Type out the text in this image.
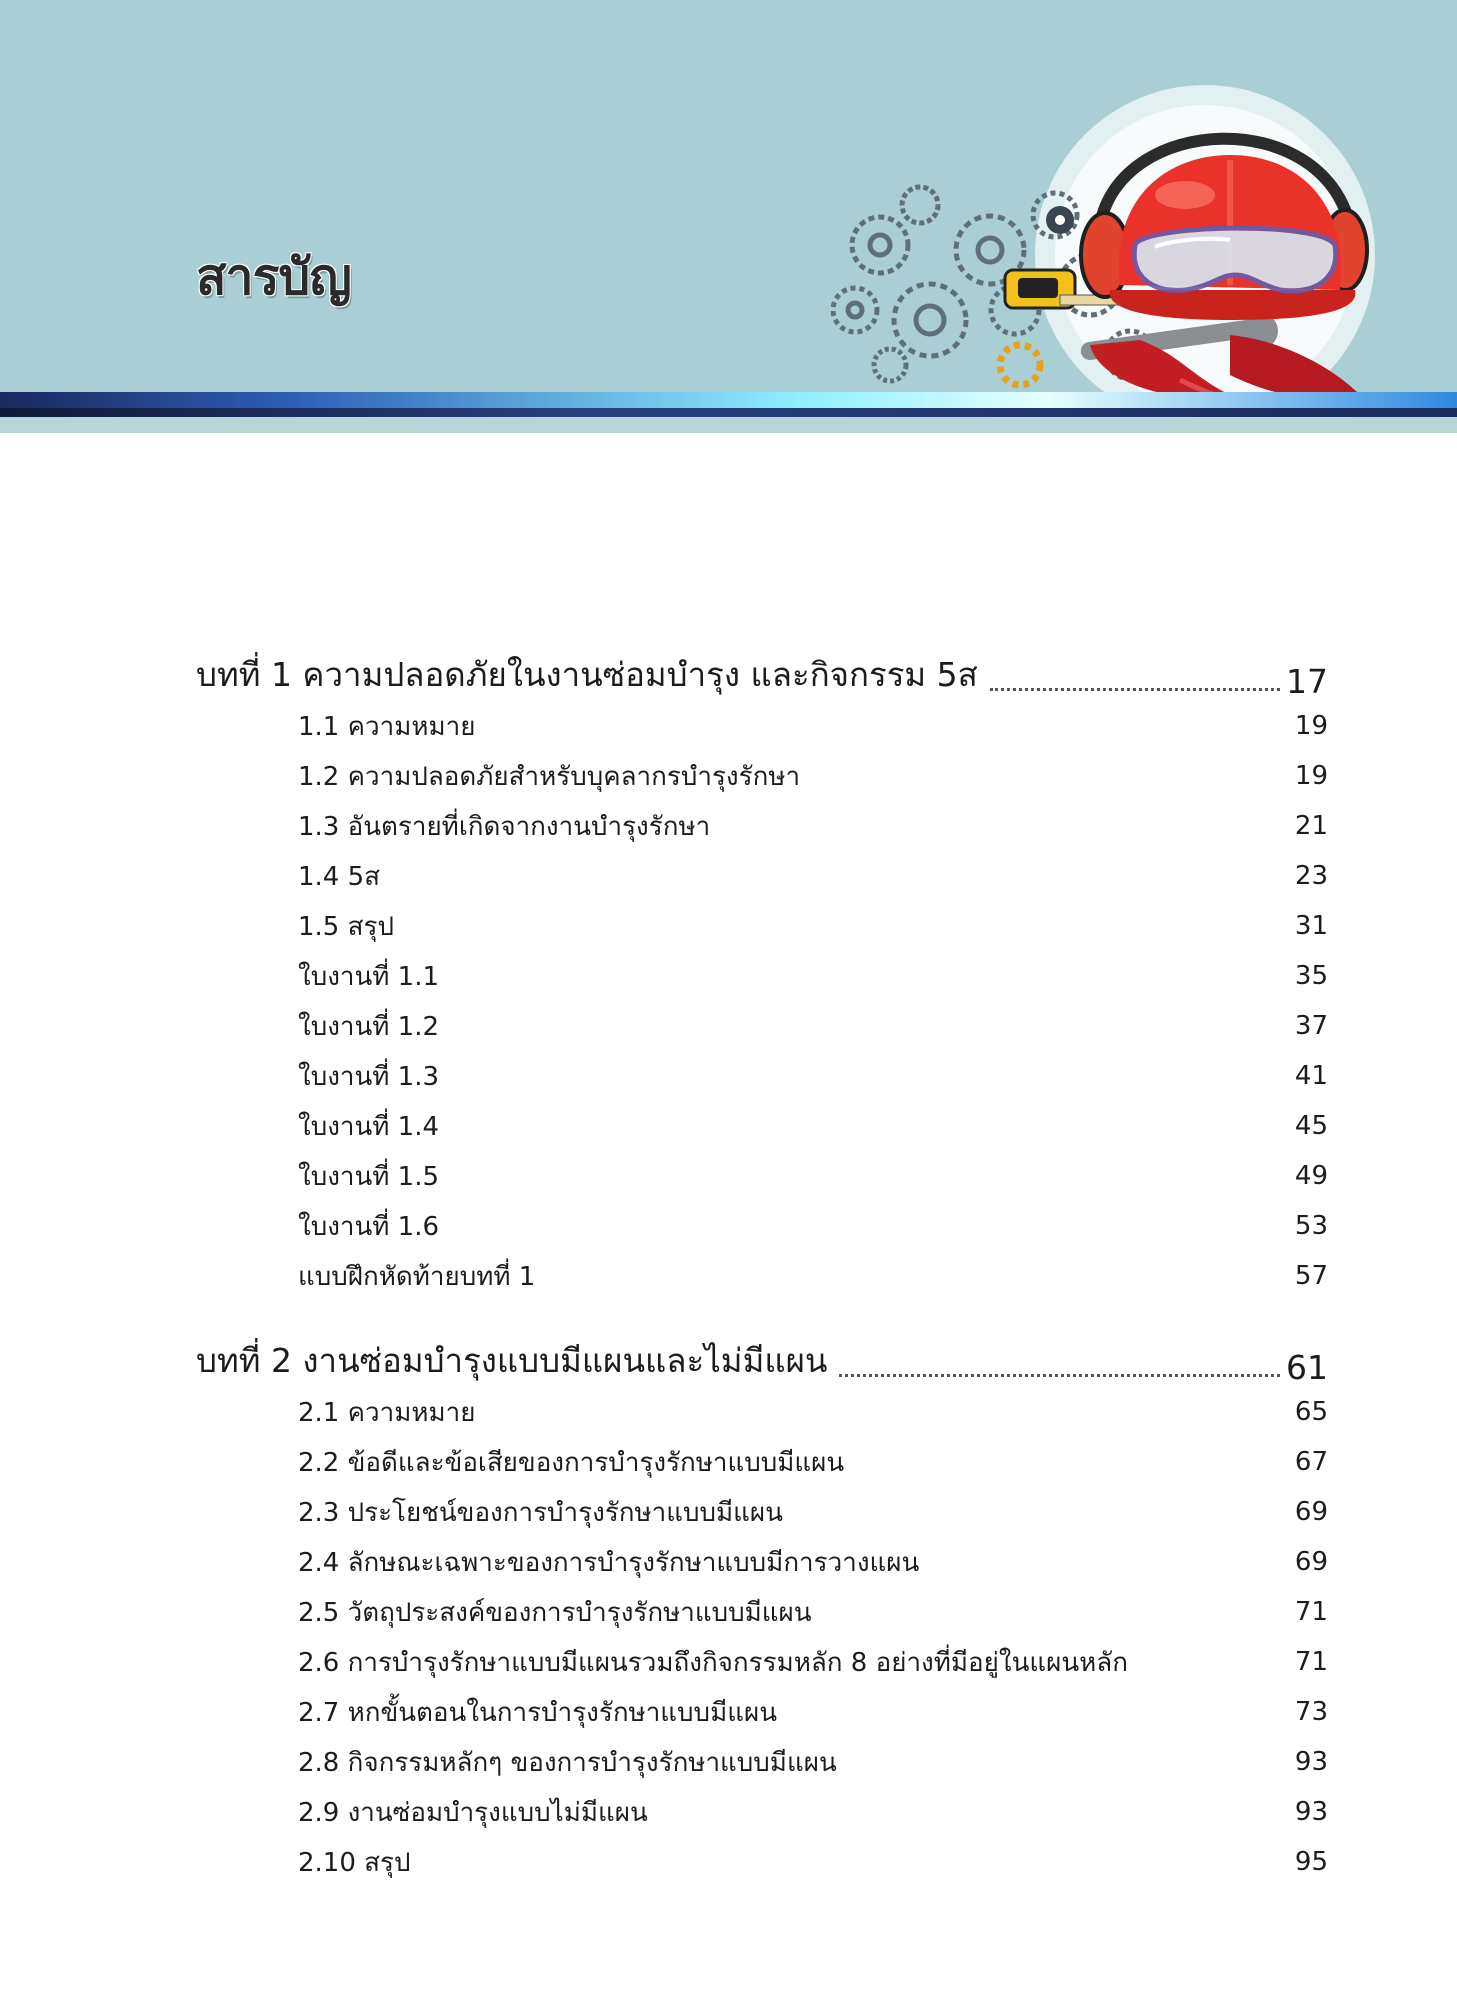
สารบัญ
บทที่ 1 ความปลอดภัยในงานซ่อมบำรุง และกิจกรรม 5ส	17
1.1 ความหมาย	19
1.2 ความปลอดภัยสำหรับบุคลากรบำรุงรักษา	19
1.3 อันตรายที่เกิดจากงานบำรุงรักษา	21
1.4 5ส	23
1.5 สรุป	31
ใบงานที่ 1.1	35
ใบงานที่ 1.2	37
ใบงานที่ 1.3	41
ใบงานที่ 1.4	45
ใบงานที่ 1.5	49
ใบงานที่ 1.6	53
แบบฝึกหัดท้ายบทที่ 1	57
บทที่ 2 งานซ่อมบำรุงแบบมีแผนและไม่มีแผน	61
2.1 ความหมาย	65
2.2 ข้อดีและข้อเสียของการบำรุงรักษาแบบมีแผน	67
2.3 ประโยชน์ของการบำรุงรักษาแบบมีแผน	69
2.4 ลักษณะเฉพาะของการบำรุงรักษาแบบมีการวางแผน	69
2.5 วัตถุประสงค์ของการบำรุงรักษาแบบมีแผน	71
2.6 การบำรุงรักษาแบบมีแผนรวมถึงกิจกรรมหลัก 8 อย่างที่มีอยู่ในแผนหลัก	71
2.7 หกขั้นตอนในการบำรุงรักษาแบบมีแผน	73
2.8 กิจกรรมหลักๆ ของการบำรุงรักษาแบบมีแผน	93
2.9 งานซ่อมบำรุงแบบไม่มีแผน	93
2.10 สรุป	95
